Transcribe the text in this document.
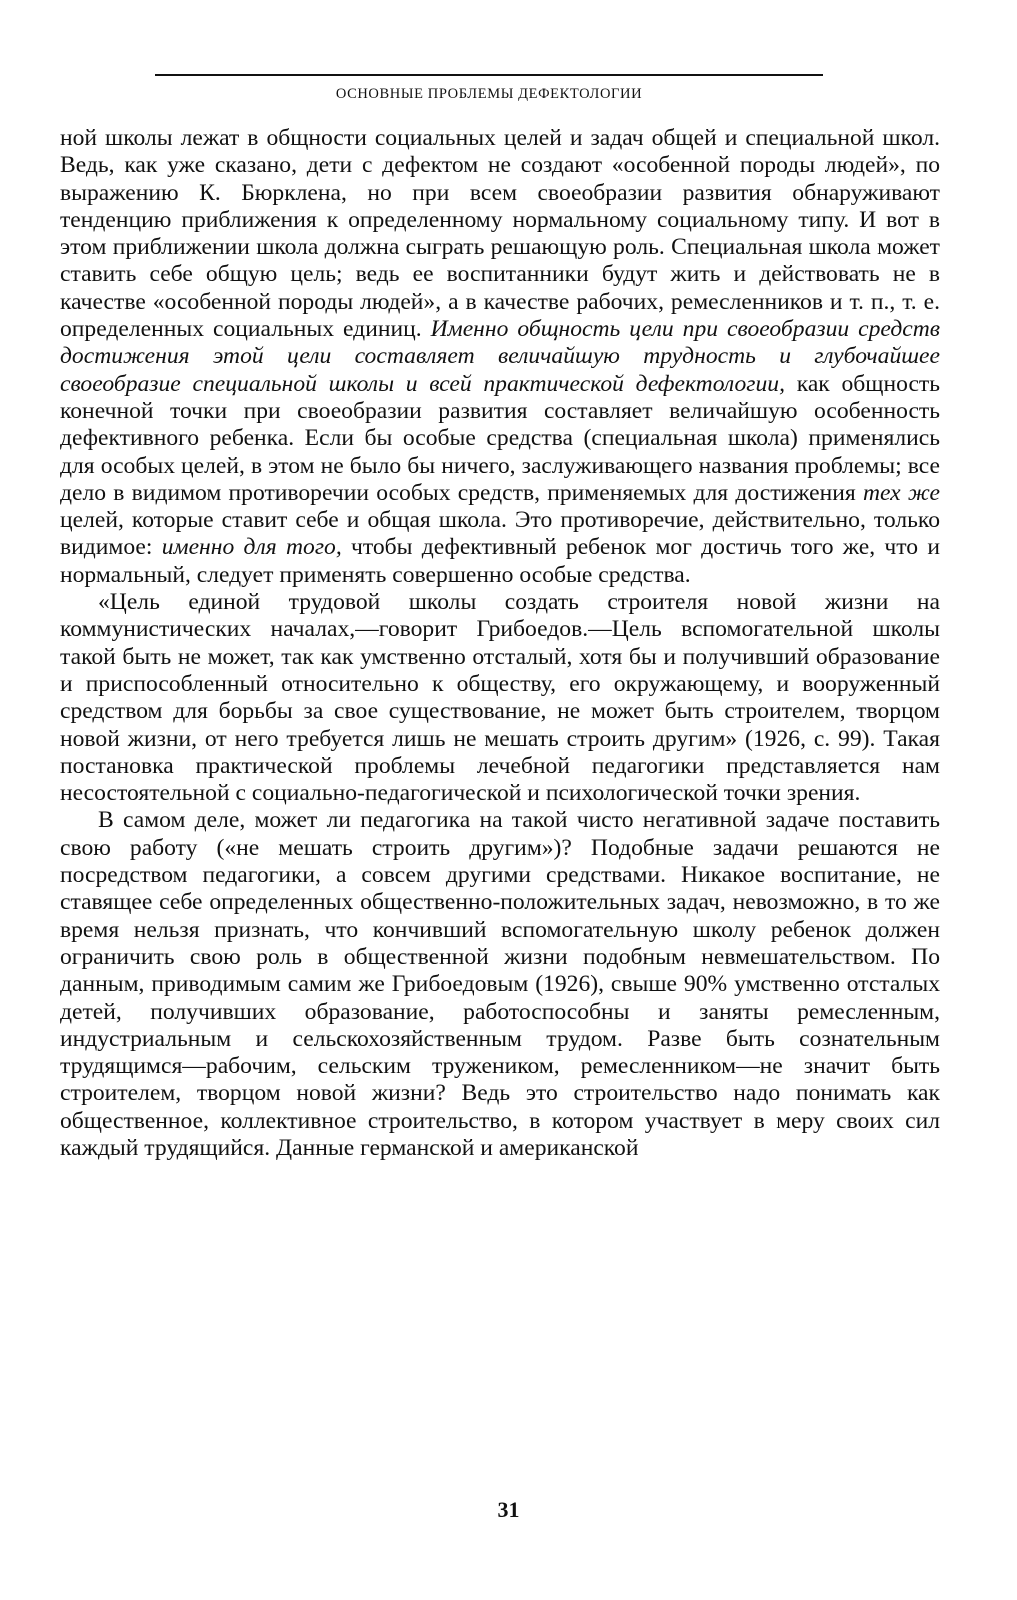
ОСНОВНЫЕ ПРОБЛЕМЫ ДЕФЕКТОЛОГИИ

ной школы лежат в общности социальных целей и задач общей и специальной школ. Ведь, как уже сказано, дети с дефектом не создают «особенной породы людей», по выражению К. Бюрклена, но при всем своеобразии развития обнаруживают тенденцию приближения к определенному нормальному социальному типу. И вот в этом приближении школа должна сыграть решающую роль. Специальная школа может ставить себе общую цель; ведь ее воспитанники будут жить и действовать не в качестве «особенной породы людей», а в качестве рабочих, ремесленников и т. п., т. е. определенных социальных единиц. Именно общность цели при своеобразии средств достижения этой цели составляет величайшую трудность и глубочайшее своеобразие специальной школы и всей практической дефектологии, как общность конечной точки при своеобразии развития составляет величайшую особенность дефективного ребенка. Если бы особые средства (специальная школа) применялись для особых целей, в этом не было бы ничего, заслуживающего названия проблемы; все дело в видимом противоречии особых средств, применяемых для достижения тех же целей, которые ставит себе и общая школа. Это противоречие, действительно, только видимое: именно для того, чтобы дефективный ребенок мог достичь того же, что и нормальный, следует применять совершенно особые средства.

«Цель единой трудовой школы создать строителя новой жизни на коммунистических началах,—говорит Грибоедов.—Цель вспомогательной школы такой быть не может, так как умственно отсталый, хотя бы и получивший образование и приспособленный относительно к обществу, его окружающему, и вооруженный средством для борьбы за свое существование, не может быть строителем, творцом новой жизни, от него требуется лишь не мешать строить другим» (1926, с. 99). Такая постановка практической проблемы лечебной педагогики представляется нам несостоятельной с социально-педагогической и психологической точки зрения.

В самом деле, может ли педагогика на такой чисто негативной задаче поставить свою работу («не мешать строить другим»)? Подобные задачи решаются не посредством педагогики, а совсем другими средствами. Никакое воспитание, не ставящее себе определенных общественно-положительных задач, невозможно, в то же время нельзя признать, что кончивший вспомогательную школу ребенок должен ограничить свою роль в общественной жизни подобным невмешательством. По данным, приводимым самим же Грибоедовым (1926), свыше 90% умственно отсталых детей, получивших образование, работоспособны и заняты ремесленным, индустриальным и сельскохозяйственным трудом. Разве быть сознательным трудящимся—рабочим, сельским тружеником, ремесленником—не значит быть строителем, творцом новой жизни? Ведь это строительство надо понимать как общественное, коллективное строительство, в котором участвует в меру своих сил каждый трудящийся. Данные германской и американской

31
